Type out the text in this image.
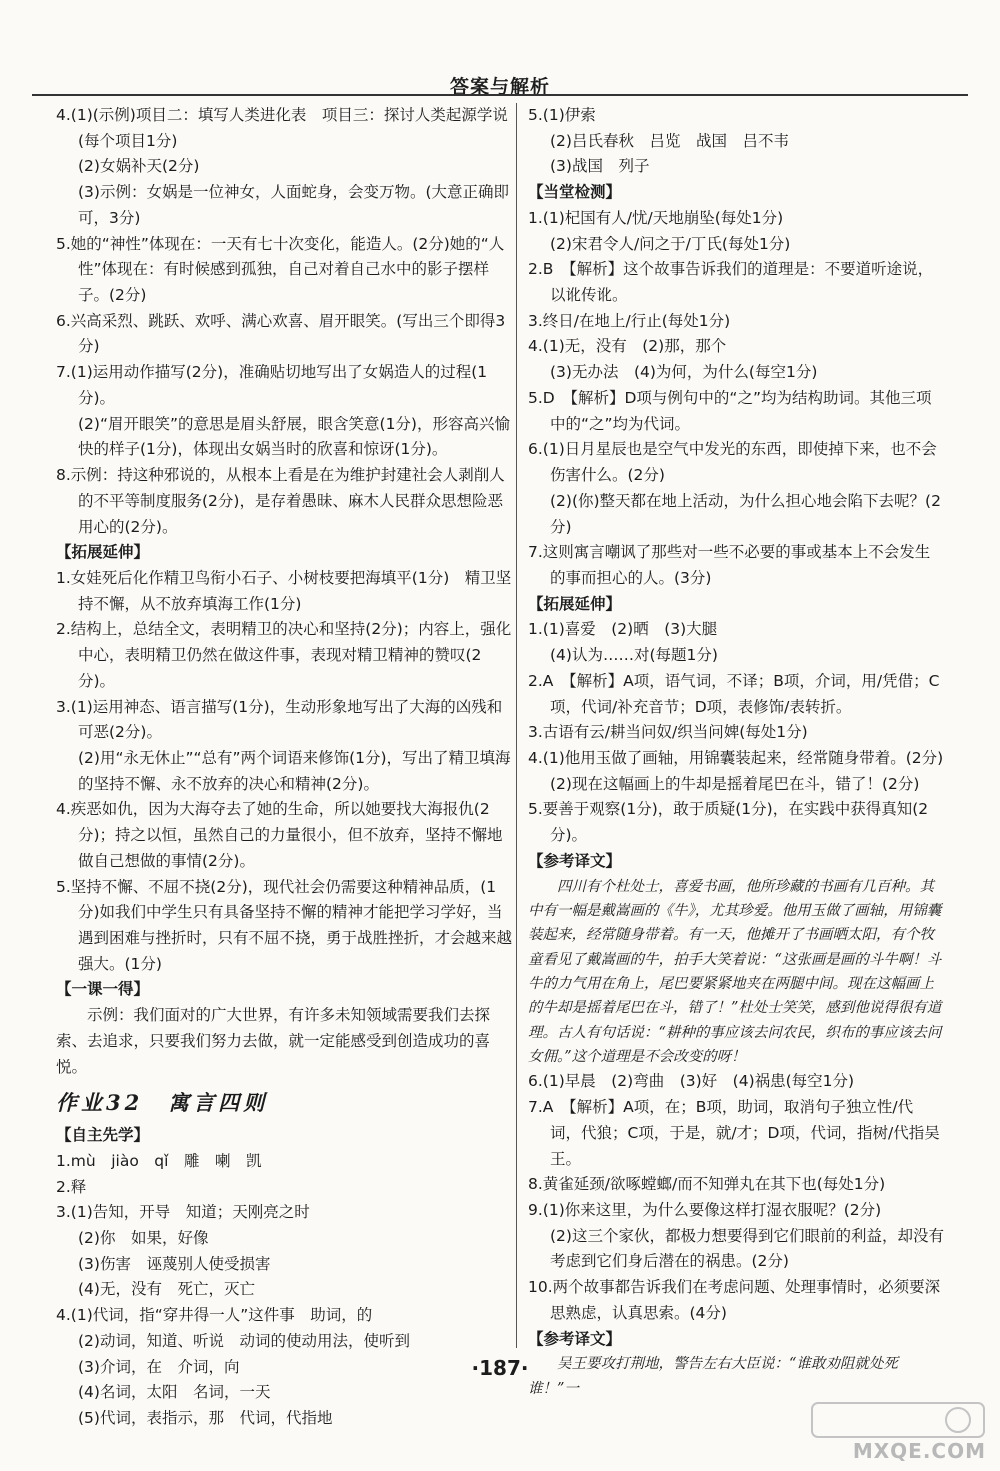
答案与解析

4.(1)(示例)项目二：填写人类进化表　项目三：探讨人类起源学说(每个项目1分)

(2)女娲补天(2分)

(3)示例：女娲是一位神女，人面蛇身，会变万物。(大意正确即可，3分)

5.她的“神性”体现在：一天有七十次变化，能造人。(2分)她的“人性”体现在：有时候感到孤独，自己对着自己水中的影子摆样子。(2分)

6.兴高采烈、跳跃、欢呼、满心欢喜、眉开眼笑。(写出三个即得3分)

7.(1)运用动作描写(2分)，准确贴切地写出了女娲造人的过程(1分)。

(2)“眉开眼笑”的意思是眉头舒展，眼含笑意(1分)，形容高兴愉快的样子(1分)，体现出女娲当时的欣喜和惊讶(1分)。

8.示例：持这种邪说的，从根本上看是在为维护封建社会人剥削人的不平等制度服务(2分)，是存着愚昧、麻木人民群众思想险恶用心的(2分)。

【拓展延伸】

1.女娃死后化作精卫鸟衔小石子、小树枝要把海填平(1分)　精卫坚持不懈，从不放弃填海工作(1分)

2.结构上，总结全文，表明精卫的决心和坚持(2分)；内容上，强化中心，表明精卫仍然在做这件事，表现对精卫精神的赞叹(2分)。

3.(1)运用神态、语言描写(1分)，生动形象地写出了大海的凶残和可恶(2分)。

(2)用“永无休止”“总有”两个词语来修饰(1分)，写出了精卫填海的坚持不懈、永不放弃的决心和精神(2分)。

4.疾恶如仇，因为大海夺去了她的生命，所以她要找大海报仇(2分)；持之以恒，虽然自己的力量很小，但不放弃，坚持不懈地做自己想做的事情(2分)。

5.坚持不懈、不屈不挠(2分)，现代社会仍需要这种精神品质，(1分)如我们中学生只有具备坚持不懈的精神才能把学习学好，当遇到困难与挫折时，只有不屈不挠，勇于战胜挫折，才会越来越强大。(1分)

【一课一得】

示例：我们面对的广大世界，有许多未知领域需要我们去探索、去追求，只要我们努力去做，就一定能感受到创造成功的喜悦。

作业32　寓言四则

【自主先学】

1.mù　jiào　qǐ　雕　喇　凯

2.释

3.(1)告知，开导　知道；天刚亮之时

(2)你　如果，好像

(3)伤害　诬蔑别人使受损害

(4)无，没有　死亡，灭亡

4.(1)代词，指“穿井得一人”这件事　助词，的

(2)动词，知道、听说　动词的使动用法，使听到

(3)介词，在　介词，向

(4)名词，太阳　名词，一天

(5)代词，表指示，那　代词，代指地

5.(1)伊索

(2)吕氏春秋　吕览　战国　吕不韦

(3)战国　列子

【当堂检测】

1.(1)杞国有人/忧/天地崩坠(每处1分)

(2)宋君令人/问之于/丁氏(每处1分)

2.B　【解析】这个故事告诉我们的道理是：不要道听途说，以讹传讹。

3.终日/在地上/行止(每处1分)

4.(1)无，没有　(2)那，那个

(3)无办法　(4)为何，为什么(每空1分)

5.D　【解析】D项与例句中的“之”均为结构助词。其他三项中的“之”均为代词。

6.(1)日月星辰也是空气中发光的东西，即使掉下来，也不会伤害什么。(2分)

(2)(你)整天都在地上活动，为什么担心地会陷下去呢？(2分)

7.这则寓言嘲讽了那些对一些不必要的事或基本上不会发生的事而担心的人。(3分)

【拓展延伸】

1.(1)喜爱　(2)晒　(3)大腿

(4)认为……对(每题1分)

2.A　【解析】A项，语气词，不译；B项，介词，用/凭借；C项，代词/补充音节；D项，表修饰/表转折。

3.古语有云/耕当问奴/织当问婢(每处1分)

4.(1)他用玉做了画轴，用锦囊装起来，经常随身带着。(2分)

(2)现在这幅画上的牛却是摇着尾巴在斗，错了！(2分)

5.要善于观察(1分)，敢于质疑(1分)，在实践中获得真知(2分)。

【参考译文】

四川有个杜处士，喜爱书画，他所珍藏的书画有几百种。其中有一幅是戴嵩画的《牛》，尤其珍爱。他用玉做了画轴，用锦囊装起来，经常随身带着。有一天，他摊开了书画晒太阳，有个牧童看见了戴嵩画的牛，拍手大笑着说：“这张画是画的斗牛啊！斗牛的力气用在角上，尾巴要紧紧地夹在两腿中间。现在这幅画上的牛却是摇着尾巴在斗，错了！”杜处士笑笑，感到他说得很有道理。古人有句话说：“耕种的事应该去问农民，织布的事应该去问女佣。”这个道理是不会改变的呀！

6.(1)早晨　(2)弯曲　(3)好　(4)祸患(每空1分)

7.A　【解析】A项，在；B项，助词，取消句子独立性/代词，代狼；C项，于是，就/才；D项，代词，指树/代指吴王。

8.黄雀延颈/欲啄螳螂/而不知弹丸在其下也(每处1分)

9.(1)你来这里，为什么要像这样打湿衣服呢？(2分)

(2)这三个家伙，都极力想要得到它们眼前的利益，却没有考虑到它们身后潜在的祸患。(2分)

10.两个故事都告诉我们在考虑问题、处理事情时，必须要深思熟虑，认真思索。(4分)

【参考译文】

吴王要攻打荆地，警告左右大臣说：“谁敢劝阻就处死谁！”一

·187·
MXQE.COM
